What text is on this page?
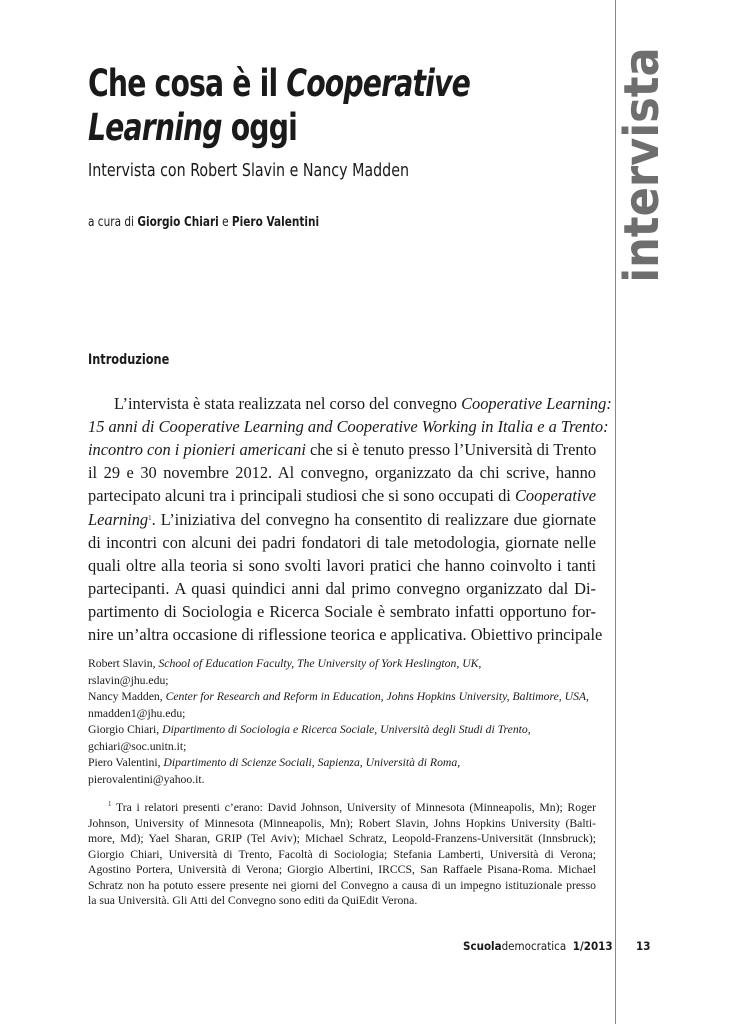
Che cosa è il Cooperative
Learning oggi
Intervista con Robert Slavin e Nancy Madden
a cura di Giorgio Chiari e Piero Valentini
Introduzione
L’intervista è stata realizzata nel corso del convegno Cooperative Learning:
15 anni di Cooperative Learning and Cooperative Working in Italia e a Trento:
incontro con i pionieri americani che si è tenuto presso l’Università di Trento
il 29 e 30 novembre 2012. Al convegno, organizzato da chi scrive, hanno
partecipato alcuni tra i principali studiosi che si sono occupati di Cooperative
Learning$^1$. L’iniziativa del convegno ha consentito di realizzare due giornate
di incontri con alcuni dei padri fondatori di tale metodologia, giornate nelle
quali oltre alla teoria si sono svolti lavori pratici che hanno coinvolto i tanti
partecipanti. A quasi quindici anni dal primo convegno organizzato dal Di-
partimento di Sociologia e Ricerca Sociale è sembrato infatti opportuno for-
nire un’altra occasione di riflessione teorica e applicativa. Obiettivo principale
Robert Slavin, School of Education Faculty, The University of York Heslington, UK,
rslavin@jhu.edu;
Nancy Madden, Center for Research and Reform in Education, Johns Hopkins University, Baltimore, USA,
nmadden1@jhu.edu;
Giorgio Chiari, Dipartimento di Sociologia e Ricerca Sociale, Università degli Studi di Trento,
gchiari@soc.unitn.it;
Piero Valentini, Dipartimento di Scienze Sociali, Sapienza, Università di Roma,
pierovalentini@yahoo.it.
$^1$ Tra i relatori presenti c’erano: David Johnson, University of Minnesota (Minneapolis, Mn); Roger
Johnson, University of Minnesota (Minneapolis, Mn); Robert Slavin, Johns Hopkins University (Balti-
more, Md); Yael Sharan, GRIP (Tel Aviv); Michael Schratz, Leopold-Franzens-Universität (Innsbruck);
Giorgio Chiari, Università di Trento, Facoltà di Sociologia; Stefania Lamberti, Università di Verona;
Agostino Portera, Università di Verona; Giorgio Albertini, IRCCS, San Raffaele Pisana-Roma. Michael
Schratz non ha potuto essere presente nei giorni del Convegno a causa di un impegno istituzionale presso
la sua Università. Gli Atti del Convegno sono editi da QuiEdit Verona.
intervista
Scuolademocratica 1/2013 13
